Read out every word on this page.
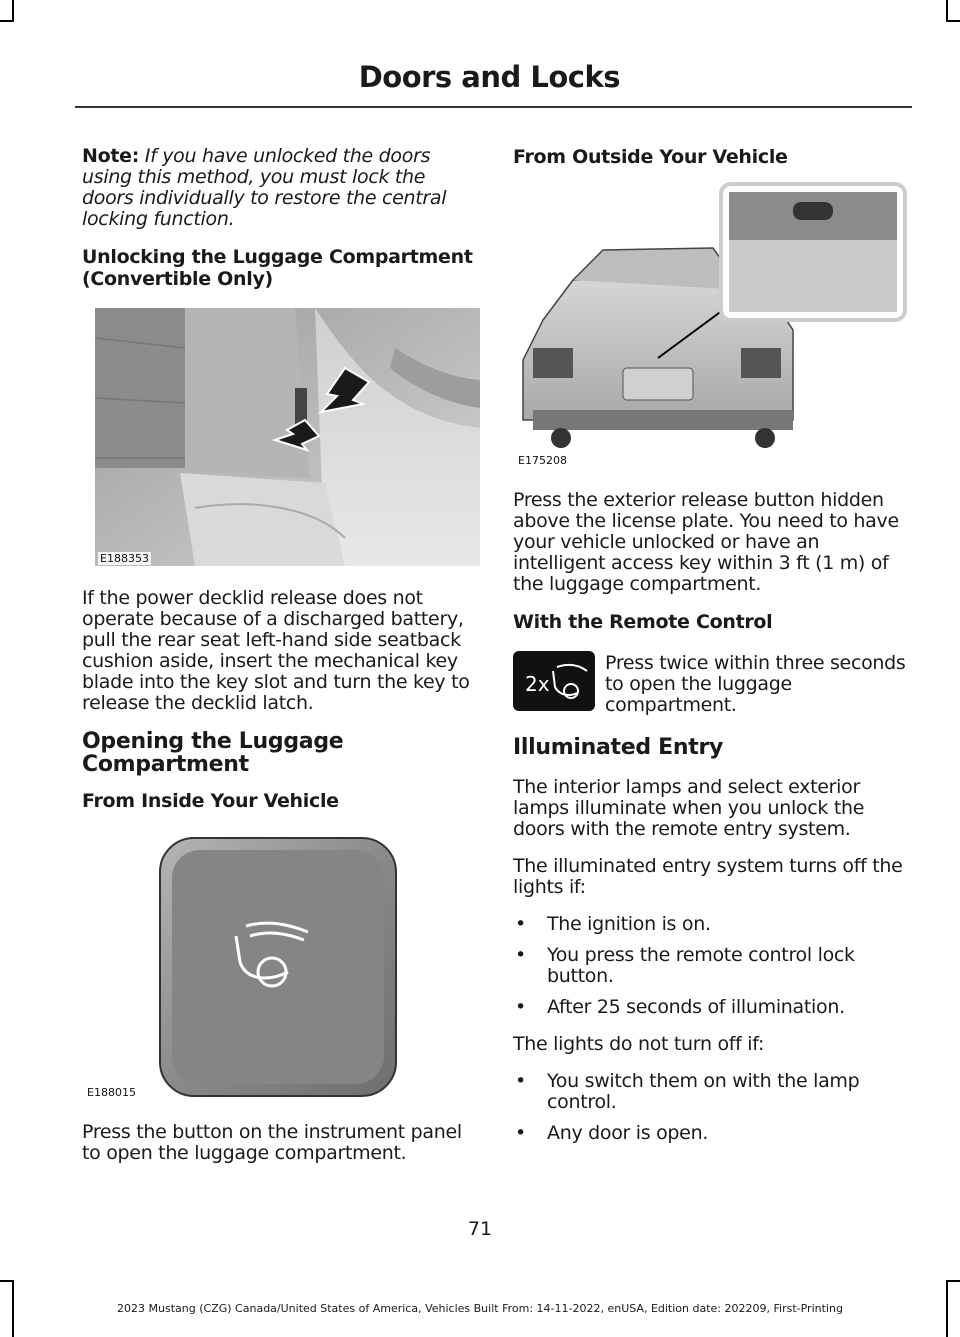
Doors and Locks

Note: If you have unlocked the doors using this method, you must lock the doors individually to restore the central locking function.

Unlocking the Luggage Compartment (Convertible Only)
E188353

If the power decklid release does not operate because of a discharged battery, pull the rear seat left-hand side seatback cushion aside, insert the mechanical key blade into the key slot and turn the key to release the decklid latch.

Opening the Luggage Compartment
From Inside Your Vehicle
E188015

Press the button on the instrument panel to open the luggage compartment.

From Outside Your Vehicle
E175208

Press the exterior release button hidden above the license plate. You need to have your vehicle unlocked or have an intelligent access key within 3 ft (1 m) of the luggage compartment.

With the Remote Control
2x
Press twice within three seconds to open the luggage compartment.
Illuminated Entry

The interior lamps and select exterior lamps illuminate when you unlock the doors with the remote entry system.

The illuminated entry system turns off the lights if:

• The ignition is on.
• You press the remote control lock button.
• After 25 seconds of illumination.

The lights do not turn off if:

• You switch them on with the lamp control.
• Any door is open.
71
2023 Mustang (CZG) Canada/United States of America, Vehicles Built From: 14-11-2022, enUSA, Edition date: 202209, First-Printing
